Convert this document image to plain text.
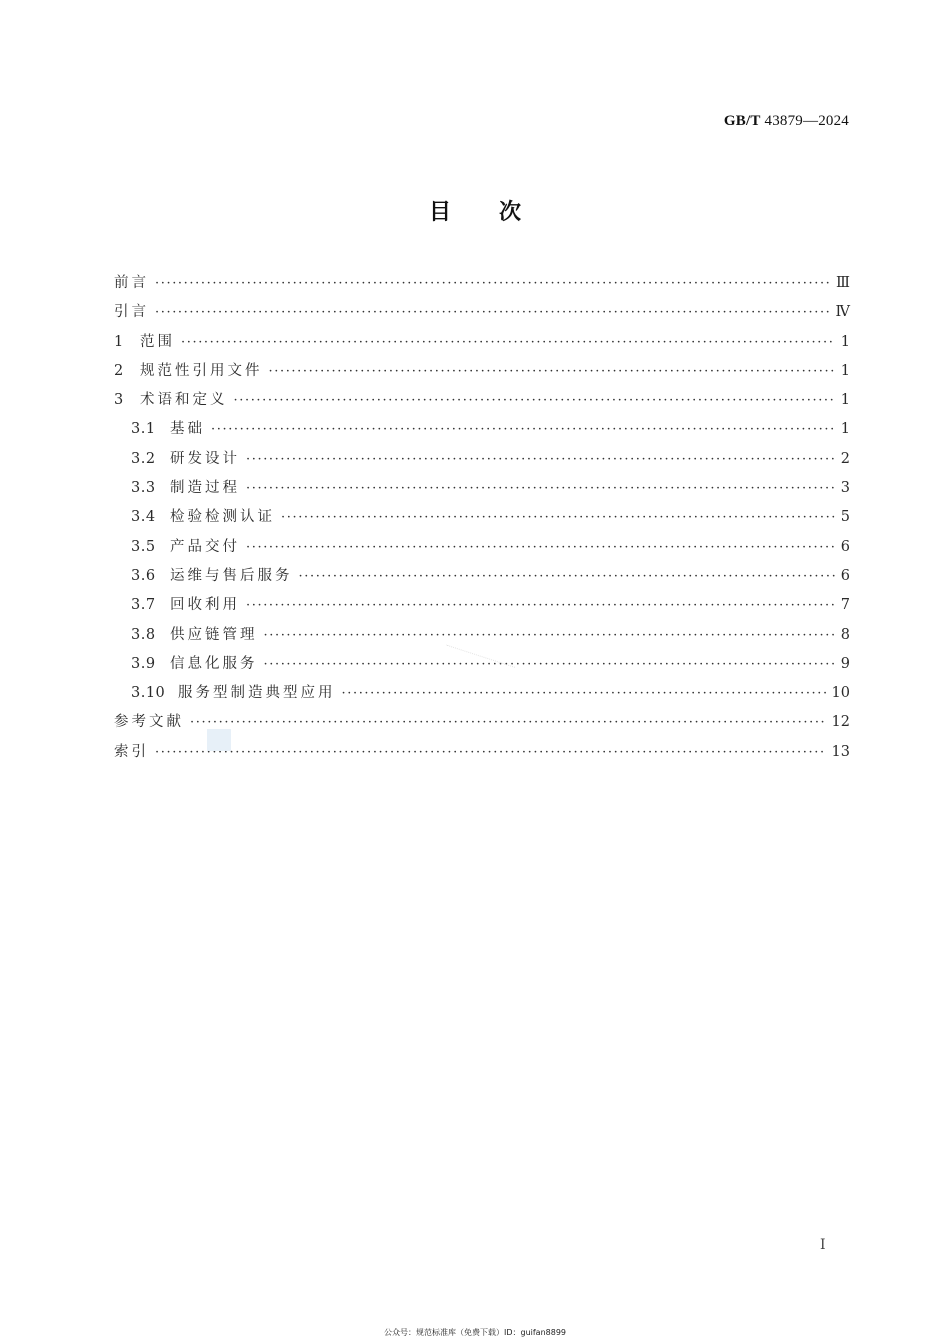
GB/T 43879—2024
目次
前言 ·····	Ⅲ
引言 ·····	Ⅳ
1	范围 ·····	1
2	规范性引用文件 ·····	1
3	术语和定义 ·····	1
3.1 基础 ·····	1
3.2 研发设计 ·····	2
3.3 制造过程 ·····	3
3.4 检验检测认证 ·····	5
3.5 产品交付 ·····	6
3.6 运维与售后服务 ·····	6
3.7 回收利用 ·····	7
3.8 供应链管理 ·····	8
3.9 信息化服务 ·····	9
3.10 服务型制造典型应用 ·····	10
参考文献 ·····	12
索引 ·····	13
Ⅰ
公众号：规范标准库（免费下载）ID：guifan8899
